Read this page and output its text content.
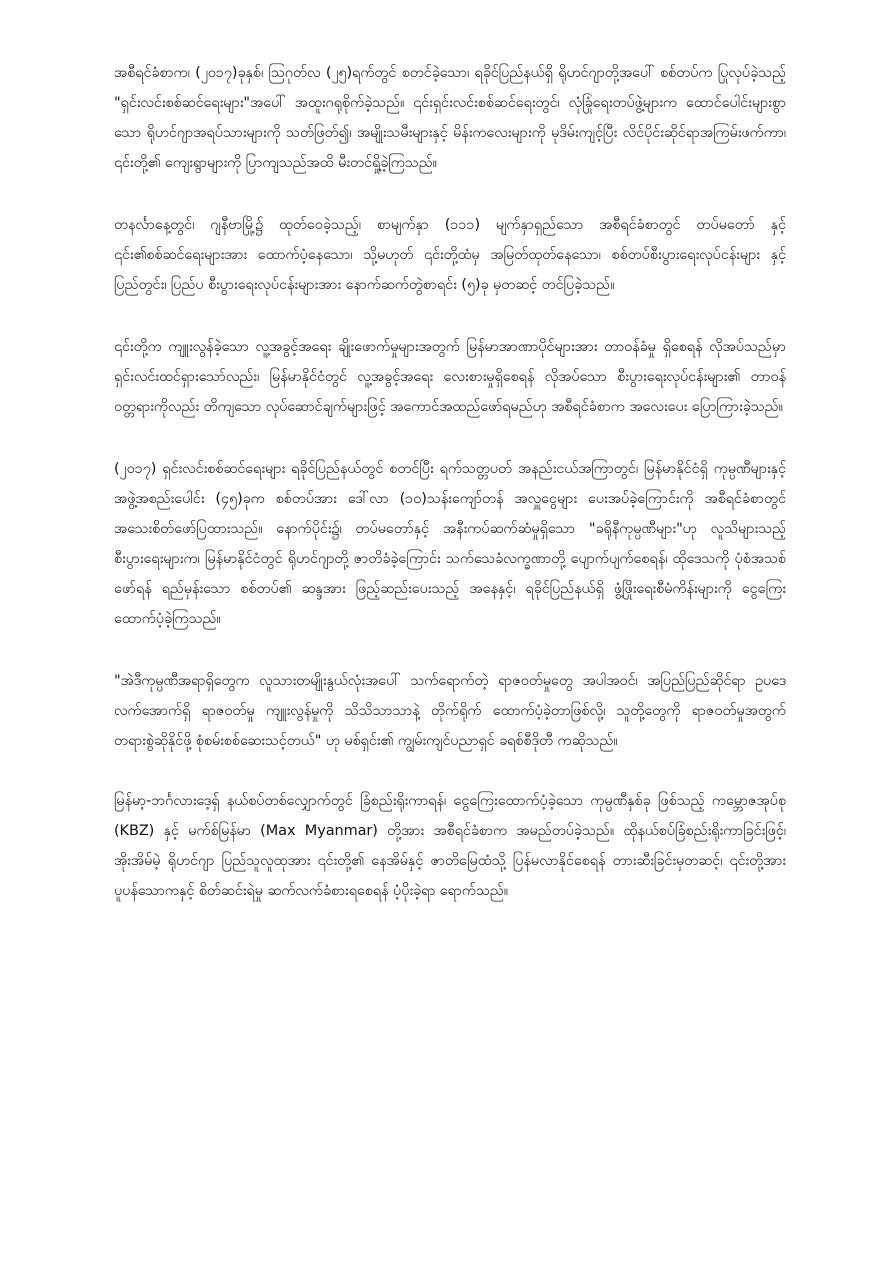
အစီရင်ခံစာက၊ (၂၀၁၇)ခုနှစ်၊ သြဂုတ်လ (၂၅)ရက်တွင် စတင်ခဲ့သော၊ ရခိုင်ပြည်နယ်ရှိ ရိုဟင်ဂျာတို့အပေါ် စစ်တပ်က ပြုလုပ်ခဲ့သည့် "ရှင်းလင်းစစ်ဆင်ရေးများ"အပေါ် အထူးဂရုစိုက်ခဲ့သည်။ ၎င်းရှင်းလင်းစစ်ဆင်ရေးတွင်၊ လုံခြုံရေးတပ်ဖွဲ့များက ထောင်ပေါင်းများစွာသော ရိုဟင်ဂျာအရပ်သားများကို သတ်ဖြတ်၍၊ အမျိုးသမီးများနှင့် မိန်းကလေးများကို မုဒိမ်းကျင့်ပြီး လိင်ပိုင်းဆိုင်ရာအကြမ်းဖက်ကာ၊ ၎င်းတို့၏ ကျေးရွာများကို ပြာကျသည်အထိ မီးတင်ရှို့ခဲ့ကြသည်။

တနင်္လာနေ့တွင်၊ ဂျနီဗာမြို့၌ ထုတ်ဝေခဲ့သည့်၊ စာမျက်နှာ (၁၁၁) မျက်နှာရှည်သော အစီရင်ခံစာတွင် တပ်မတော် နှင့် ၎င်း၏စစ်ဆင်ရေးများအား ထောက်ပံ့နေသော၊ သို့မဟုတ် ၎င်းတို့ထံမှ အမြတ်ထုတ်နေသော၊ စစ်တပ်စီးပွားရေးလုပ်ငန်းများ နှင့် ပြည်တွင်း၊ ပြည်ပ စီးပွားရေးလုပ်ငန်းများအား နောက်ဆက်တွဲစာရင်း (၅)ခု မှတဆင့် တင်ပြခဲ့သည်။

၎င်းတို့က ကျူးလွန်ခဲ့သော လူ့အခွင့်အရေး ချိုးဖောက်မှုများအတွက် မြန်မာအာဏာပိုင်များအား တာဝန်ခံမှု ရှိစေရန် လိုအပ်သည်မှာ ရှင်းလင်းထင်ရှားသော်လည်း၊ မြန်မာနိုင်ငံတွင် လူ့အခွင့်အရေး လေးစားမှုရှိစေရန် လိုအပ်သော စီးပွားရေးလုပ်ငန်းများ၏ တာဝန်ဝတ္တရားကိုလည်း တိကျသော လုပ်ဆောင်ချက်များဖြင့် အကောင်အထည်ဖော်ရမည်ဟု အစီရင်ခံစာက အလေးပေး ပြောကြားခဲ့သည်။

(၂၀၁၇) ရှင်းလင်းစစ်ဆင်ရေးများ ရခိုင်ပြည်နယ်တွင် စတင်ပြီး ရက်သတ္တပတ် အနည်းငယ်အကြာတွင်၊ မြန်မာနိုင်ငံရှိ ကုမ္ပဏီများနှင့် အဖွဲ့အစည်းပေါင်း (၄၅)ခုက စစ်တပ်အား ဒေါ်လာ (၁၀)သန်းကျော်တန် အလှူငွေများ ပေးအပ်ခဲ့ကြောင်းကို အစီရင်ခံစာတွင် အသေးစိတ်ဖော်ပြထားသည်။ နောက်ပိုင်း၌၊ တပ်မတော်နှင့် အနီးကပ်ဆက်ဆံမှုရှိသော "ခရိုနီကုမ္ပဏီများ"ဟု လူသိများသည့် စီးပွားရေးများက၊ မြန်မာနိုင်ငံတွင် ရိုဟင်ဂျာတို့ ဇာတိခံခဲ့ကြောင်း သက်သေခံလက္ခဏာတို့ ပျောက်ပျက်စေရန်၊ ထိုဒေသကို ပုံစံအသစ်ဖော်ရန် ရည်မှန်းသော စစ်တပ်၏ ဆန္ဒအား ဖြည့်ဆည်းပေးသည့် အနေနှင့်၊ ရခိုင်ပြည်နယ်ရှိ ဖွံ့ဖြိုးရေးစီမံကိန်းများကို ငွေကြေးထောက်ပံ့ခဲ့ကြသည်။

"အဲဒီကုမ္ပဏီအရာရှိတွေက လူသားတမျိုးနွယ်လုံးအပေါ် သက်ရောက်တဲ့ ရာဇဝတ်မှုတွေ အပါအဝင်၊ အပြည်ပြည်ဆိုင်ရာ ဥပဒေလက်အောက်ရှိ ရာဇဝတ်မှု ကျူးလွန်မှုကို သိသိသာသာနဲ့ တိုက်ရိုက် ထောက်ပံ့ခဲ့တာဖြစ်လို့၊ သူတို့တွေကို ရာဇဝတ်မှုအတွက် တရားစွဲဆိုနိုင်ဖို့ စုံစမ်းစစ်ဆေးသင့်တယ်" ဟု မစ်ရှင်း၏ ကျွမ်းကျင်ပညာရှင် ခရစ်စီဒိုတီ ကဆိုသည်။

မြန်မာ့-ဘင်္ဂလားဒေ့ရှ် နယ်စပ်တစ်လျှောက်တွင် ခြံစည်းရိုးကာရန်၊ ငွေကြေးထောက်ပံ့ခဲ့သော ကုမ္ပဏီနှစ်ခု ဖြစ်သည့် ကမ္ဘောဇအုပ်စု (KBZ) နှင့် မက်စ်မြန်မာ (Max Myanmar) တို့အား အစီရင်ခံစာက အမည်တပ်ခဲ့သည်။ ထိုနယ်စပ်ခြံစည်းရိုးကာခြင်းဖြင့်၊ အိုးအိမ်မဲ့ ရိုဟင်ဂျာ ပြည်သူလူထုအား ၎င်းတို့၏ နေအိမ်နှင့် ဇာတိမြေထံသို့ ပြန်မလာနိုင်စေရန် တားဆီးခြင်းမှတဆင့်၊ ၎င်းတို့အား ပူပန်သောကနှင့် စိတ်ဆင်းရဲမှု ဆက်လက်ခံစားရစေရန် ပံ့ပိုးခဲ့ရာ ရောက်သည်။
